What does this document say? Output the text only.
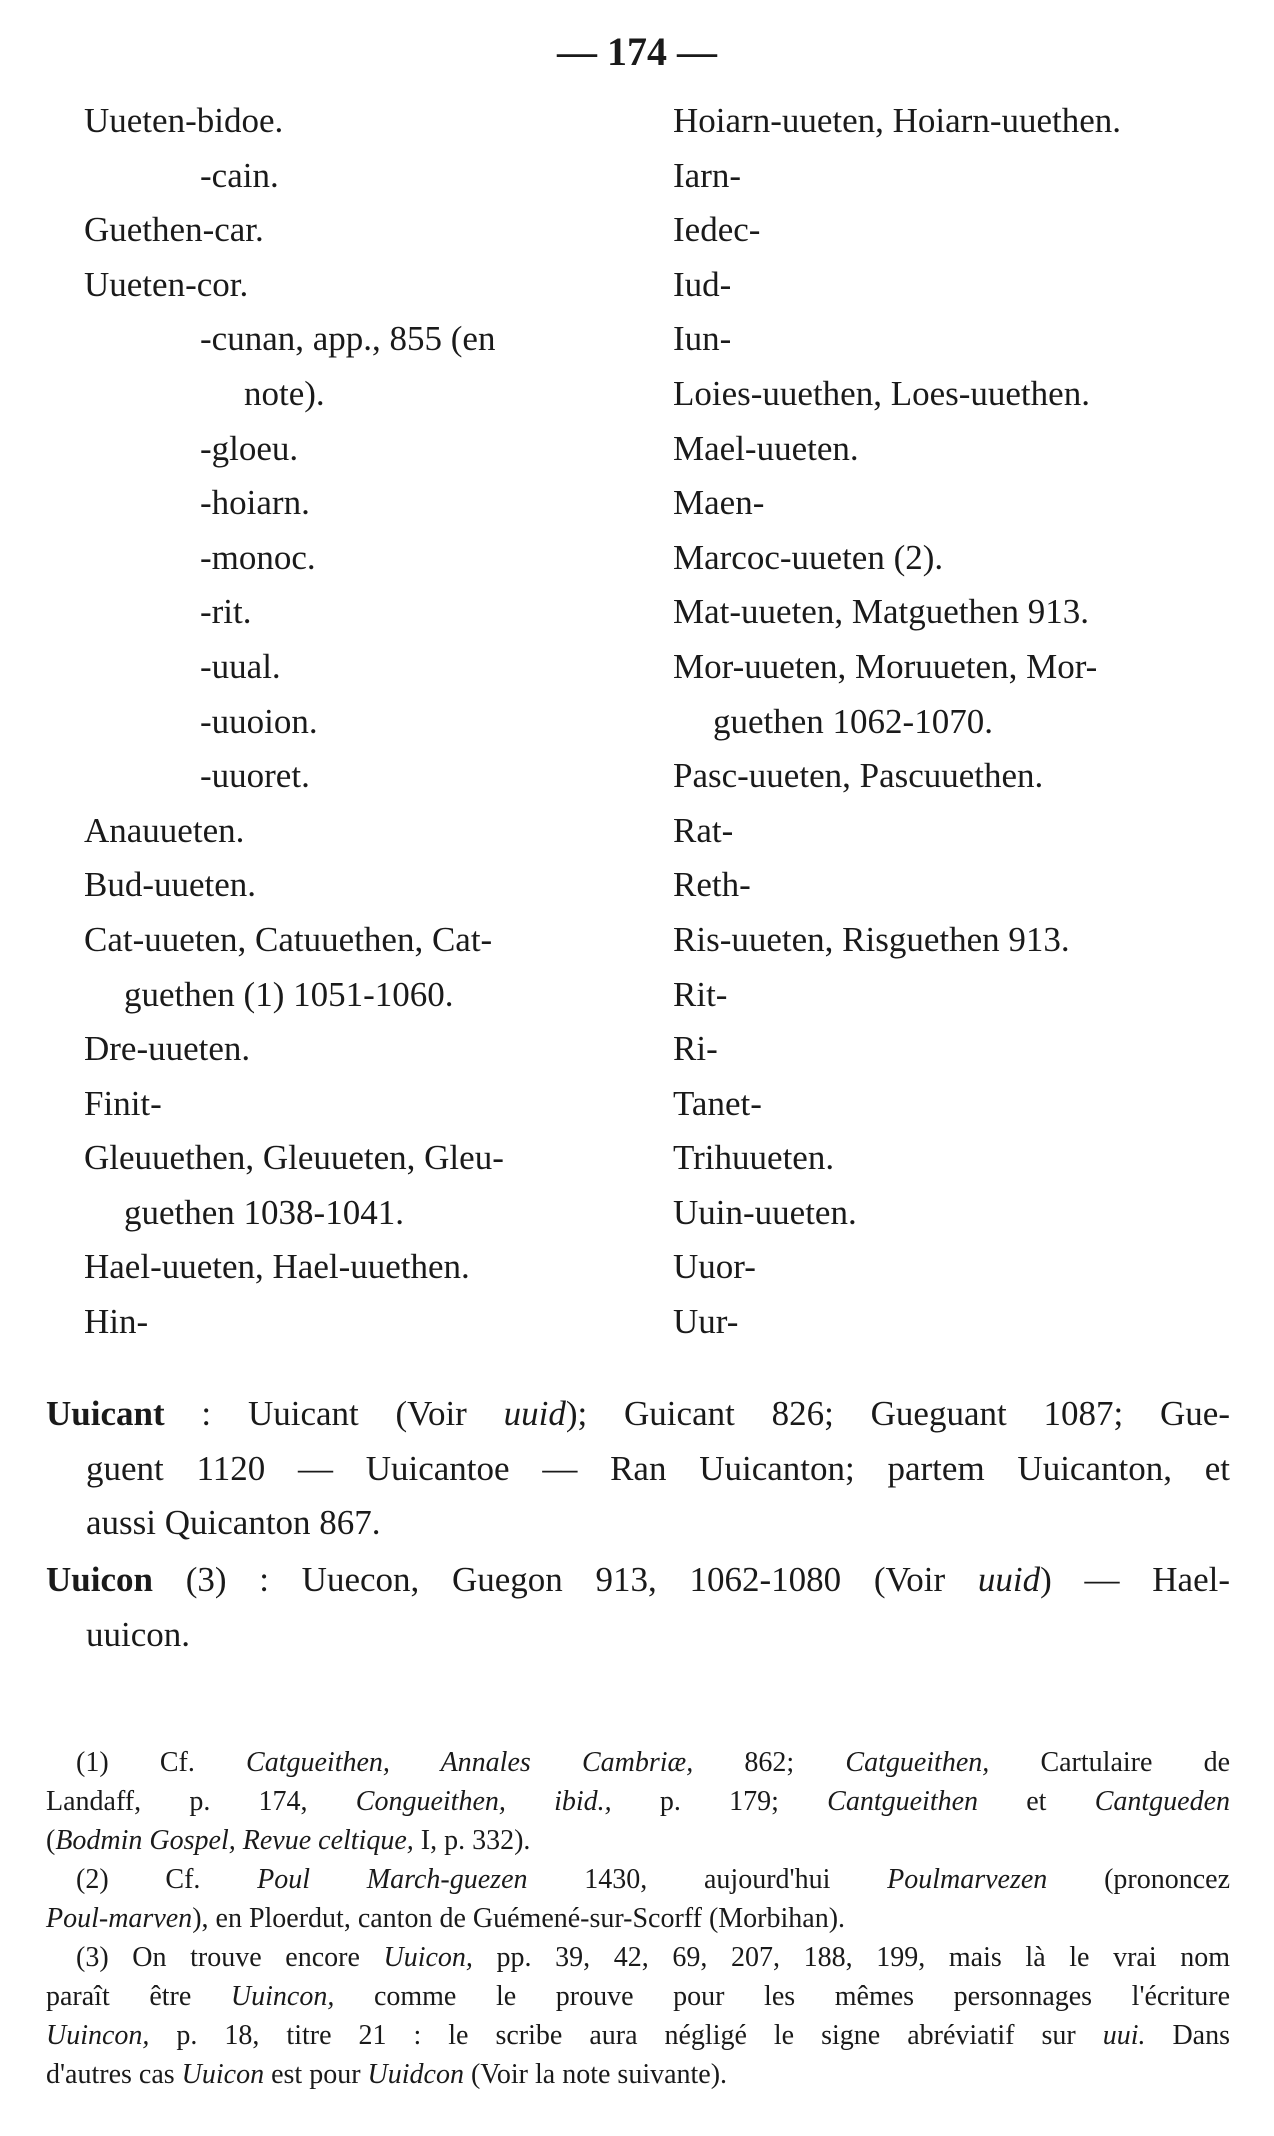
— 174 —
Uueten-bidoe.
-cain.
Guethen-car.
Uueten-cor.
-cunan, app., 855 (en
note).
-gloeu.
-hoiarn.
-monoc.
-rit.
-uual.
-uuoion.
-uuoret.
Anauueten.
Bud-uueten.
Cat-uueten, Catuuethen, Cat-
guethen (1) 1051-1060.
Dre-uueten.
Finit-
Gleuuethen, Gleuueten, Gleu-
guethen 1038-1041.
Hael-uueten, Hael-uuethen.
Hin-
Hoiarn-uueten, Hoiarn-uuethen.
Iarn-
Iedec-
Iud-
Iun-
Loies-uuethen, Loes-uuethen.
Mael-uueten.
Maen-
Marcoc-uueten (2).
Mat-uueten, Matguethen 913.
Mor-uueten, Moruueten, Mor-
guethen 1062-1070.
Pasc-uueten, Pascuuethen.
Rat-
Reth-
Ris-uueten, Risguethen 913.
Rit-
Ri-
Tanet-
Trihuueten.
Uuin-uueten.
Uuor-
Uur-
Uuicant : Uuicant (Voir uuid); Guicant 826; Gueguant 1087; Gue-
guent 1120 — Uuicantoe — Ran Uuicanton; partem Uuicanton, et
aussi Quicanton 867.
Uuicon (3) : Uuecon, Guegon 913, 1062-1080 (Voir uuid) — Hael-
uuicon.
(1) Cf. Catgueithen, Annales Cambriæ, 862; Catgueithen, Cartulaire de
Landaff, p. 174, Congueithen, ibid., p. 179; Cantgueithen et Cantgueden
(Bodmin Gospel, Revue celtique, I, p. 332).
(2) Cf. Poul March-guezen 1430, aujourd'hui Poulmarvezen (prononcez
Poul-marven), en Ploerdut, canton de Guémené-sur-Scorff (Morbihan).
(3) On trouve encore Uuicon, pp. 39, 42, 69, 207, 188, 199, mais là le vrai nom
paraît être Uuincon, comme le prouve pour les mêmes personnages l'écriture
Uuincon, p. 18, titre 21 : le scribe aura négligé le signe abréviatif sur uui. Dans
d'autres cas Uuicon est pour Uuidcon (Voir la note suivante).
